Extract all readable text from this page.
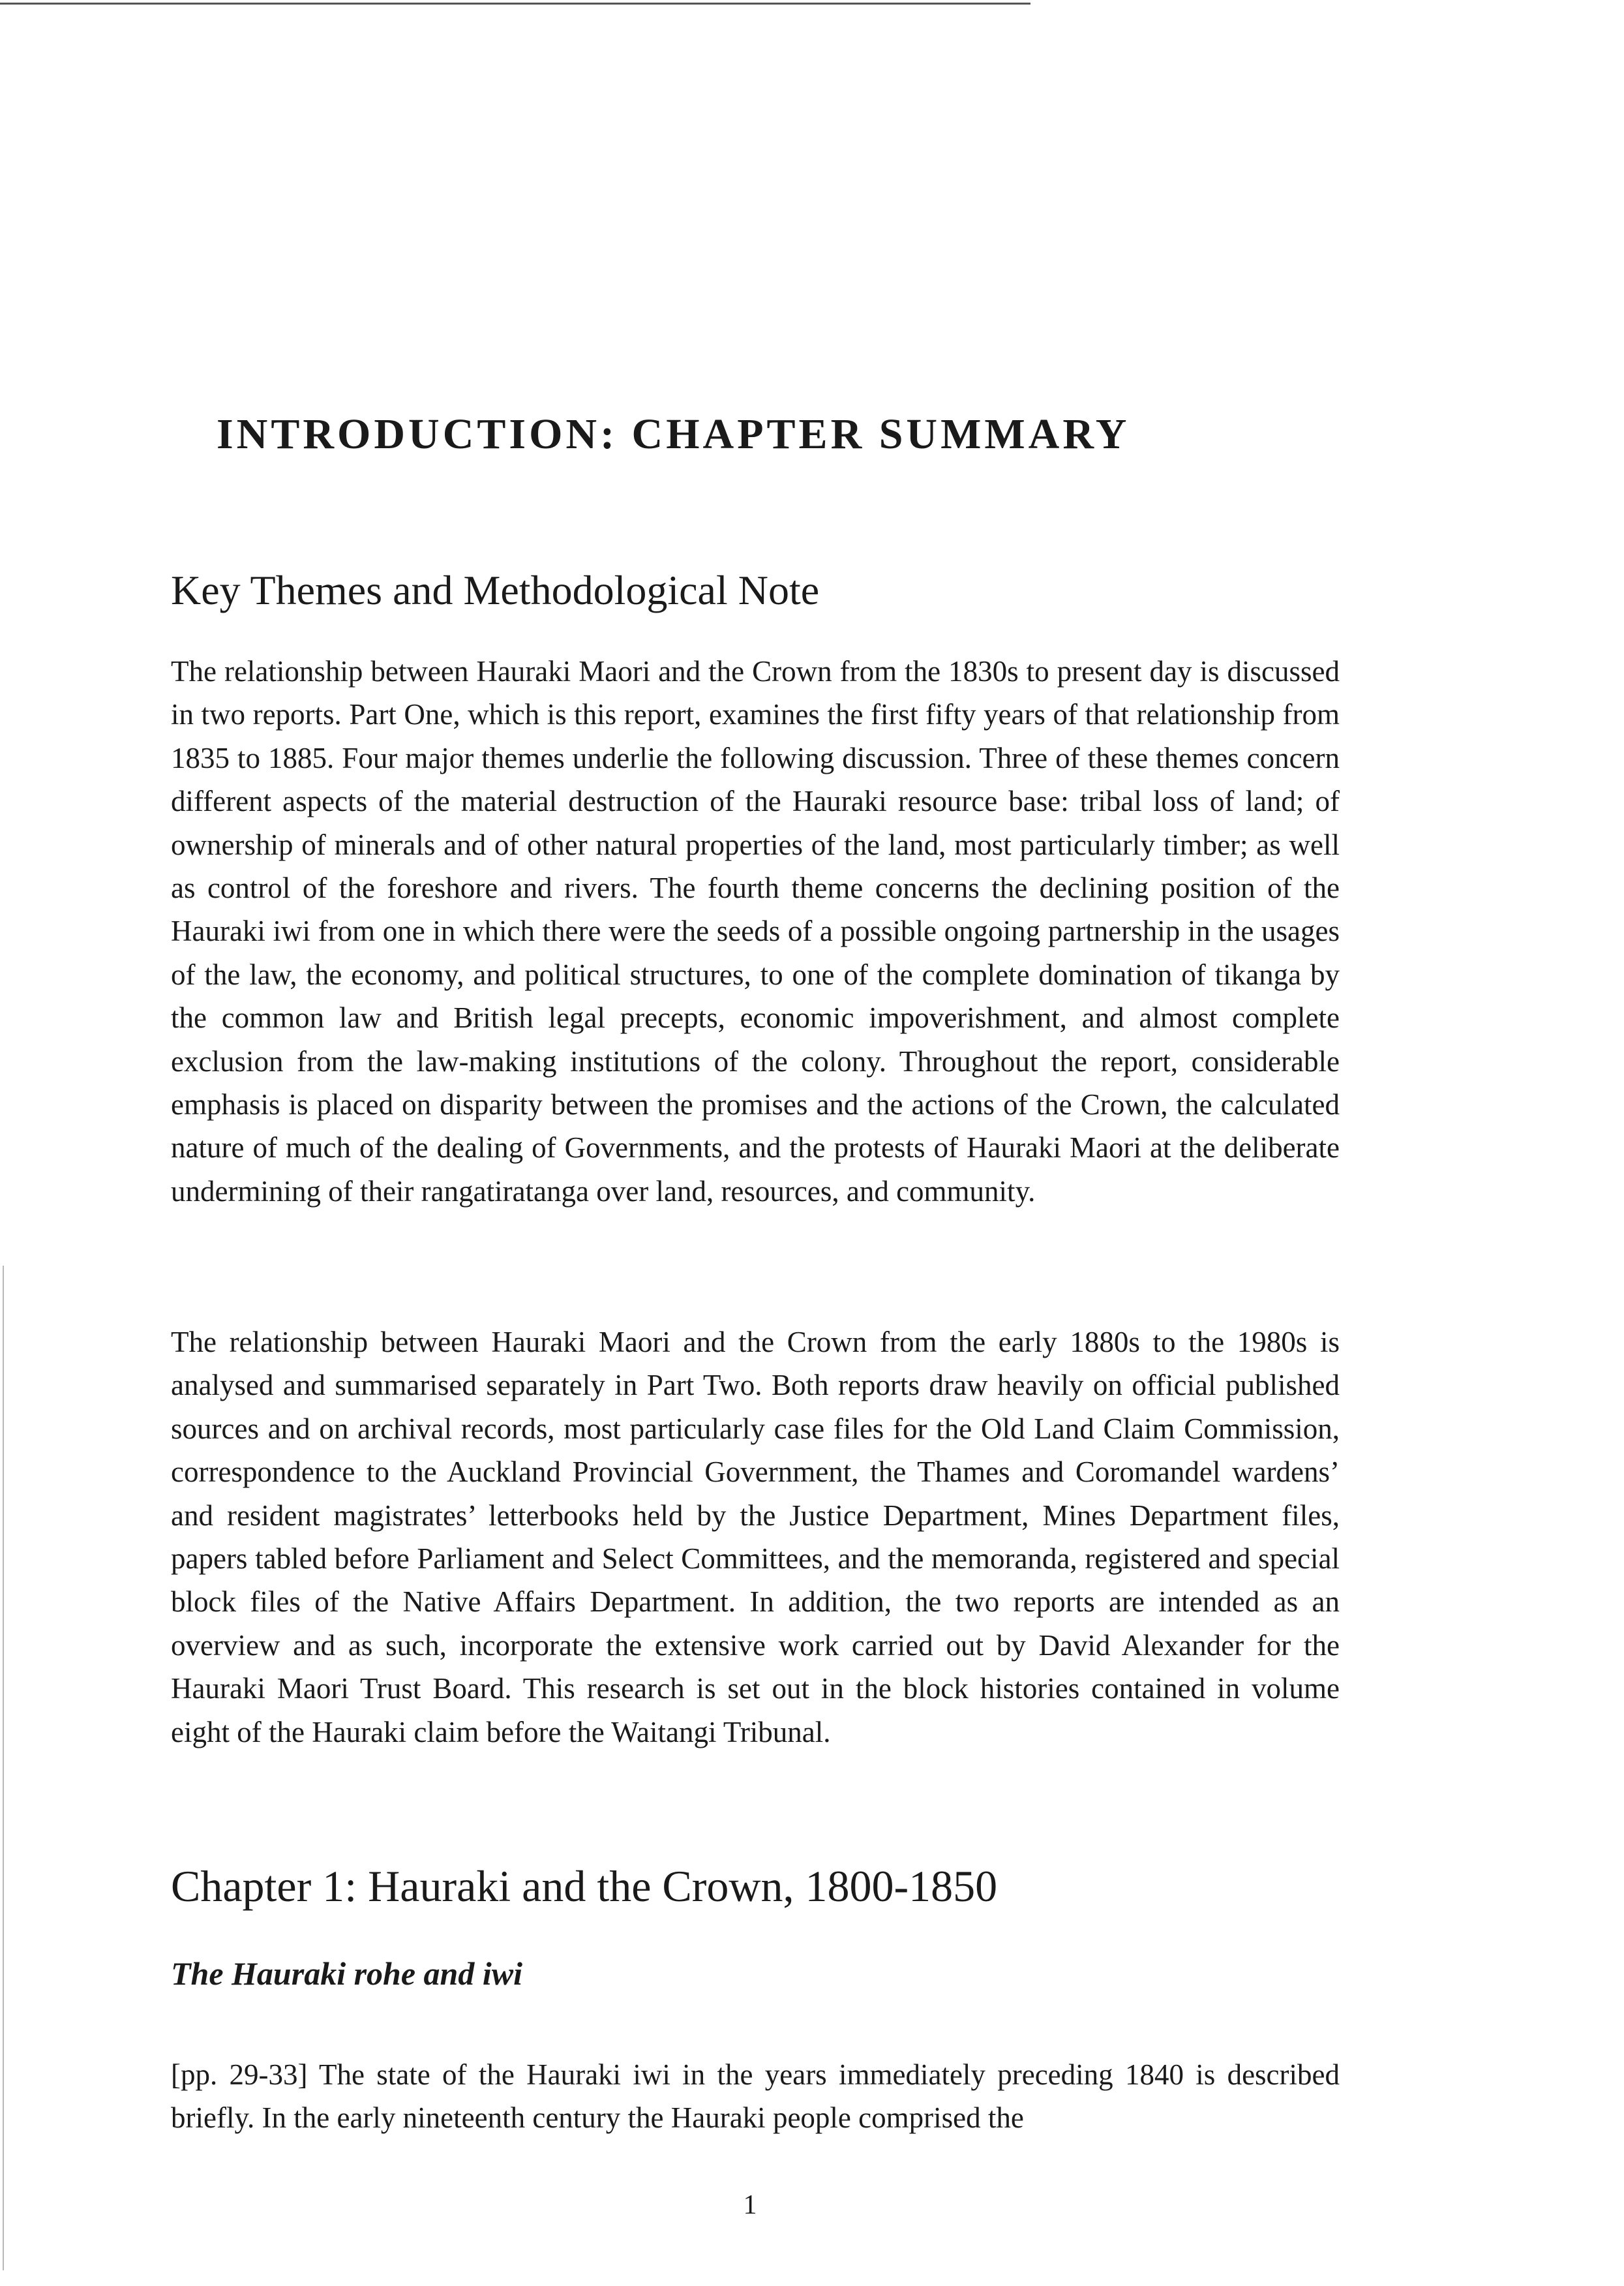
INTRODUCTION: CHAPTER SUMMARY
Key Themes and Methodological Note

The relationship between Hauraki Maori and the Crown from the 1830s to present day is discussed in two reports. Part One, which is this report, examines the first fifty years of that relationship from 1835 to 1885. Four major themes underlie the following discussion. Three of these themes concern different aspects of the material destruction of the Hauraki resource base: tribal loss of land; of ownership of minerals and of other natural properties of the land, most particularly timber; as well as control of the foreshore and rivers. The fourth theme concerns the declining position of the Hauraki iwi from one in which there were the seeds of a possible ongoing partnership in the usages of the law, the economy, and political structures, to one of the complete domination of tikanga by the common law and British legal precepts, economic impoverishment, and almost complete exclusion from the law-making institutions of the colony. Throughout the report, considerable emphasis is placed on disparity between the promises and the actions of the Crown, the calculated nature of much of the dealing of Governments, and the protests of Hauraki Maori at the deliberate undermining of their rangatiratanga over land, resources, and community.

The relationship between Hauraki Maori and the Crown from the early 1880s to the 1980s is analysed and summarised separately in Part Two. Both reports draw heavily on official published sources and on archival records, most particularly case files for the Old Land Claim Commission, correspondence to the Auckland Provincial Government, the Thames and Coromandel wardens’ and resident magistrates’ letterbooks held by the Justice Department, Mines Department files, papers tabled before Parliament and Select Committees, and the memoranda, registered and special block files of the Native Affairs Department. In addition, the two reports are intended as an overview and as such, incorporate the extensive work carried out by David Alexander for the Hauraki Maori Trust Board. This research is set out in the block histories contained in volume eight of the Hauraki claim before the Waitangi Tribunal.

Chapter 1: Hauraki and the Crown, 1800-1850
The Hauraki rohe and iwi

[pp. 29-33] The state of the Hauraki iwi in the years immediately preceding 1840 is described briefly. In the early nineteenth century the Hauraki people comprised the

1
